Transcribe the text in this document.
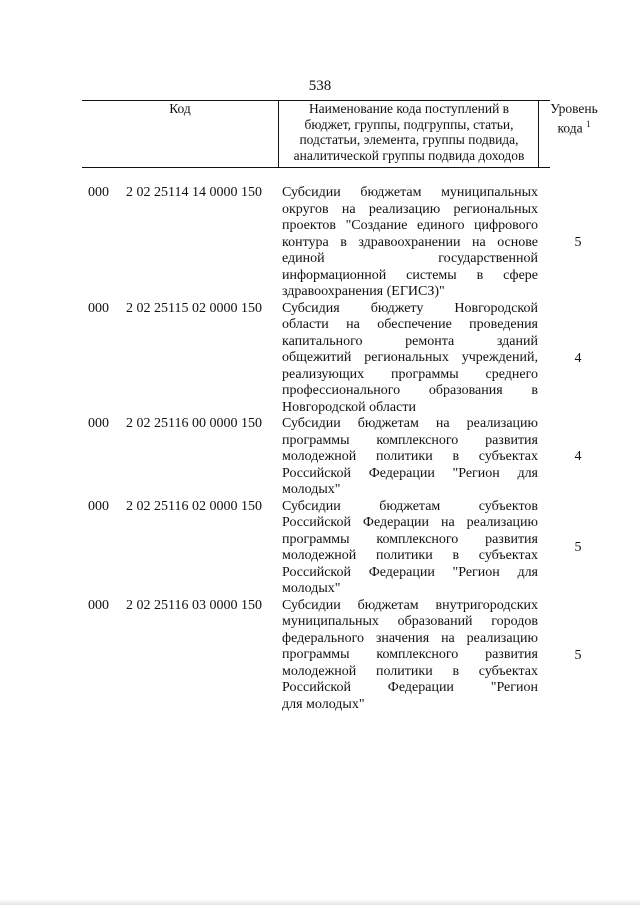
538
Код	Наименование кода поступлений в
бюджет, группы, подгруппы, статьи,
подстатьи, элемента, группы подвида,
аналитической группы подвида доходов
Уровень
кода $^1$
000 2 02 25114 14 0000 150 Субсидии бюджетам муниципальных
округов на реализацию региональных
проектов "Создание единого цифрового
контура в здравоохранении на основе
единой государственной
информационной системы в сфере
здравоохранения (ЕГИСЗ)"
5
000 2 02 25115 02 0000 150 Субсидия бюджету Новгородской
области на обеспечение проведения
капитального ремонта зданий
общежитий региональных учреждений,
реализующих программы среднего
профессионального образования в
Новгородской области
4
000 2 02 25116 00 0000 150 Субсидии бюджетам на реализацию
программы комплексного развития
молодежной политики в субъектах
Российской Федерации "Регион для
молодых"
4
000 2 02 25116 02 0000 150 Субсидии бюджетам субъектов
Российской Федерации на реализацию
программы комплексного развития
молодежной политики в субъектах
Российской Федерации "Регион для
молодых"
5
000 2 02 25116 03 0000 150 Субсидии бюджетам внутригородских
муниципальных образований городов
федерального значения на реализацию
программы комплексного развития
молодежной политики в субъектах
Российской Федерации "Регион
для молодых"
5
